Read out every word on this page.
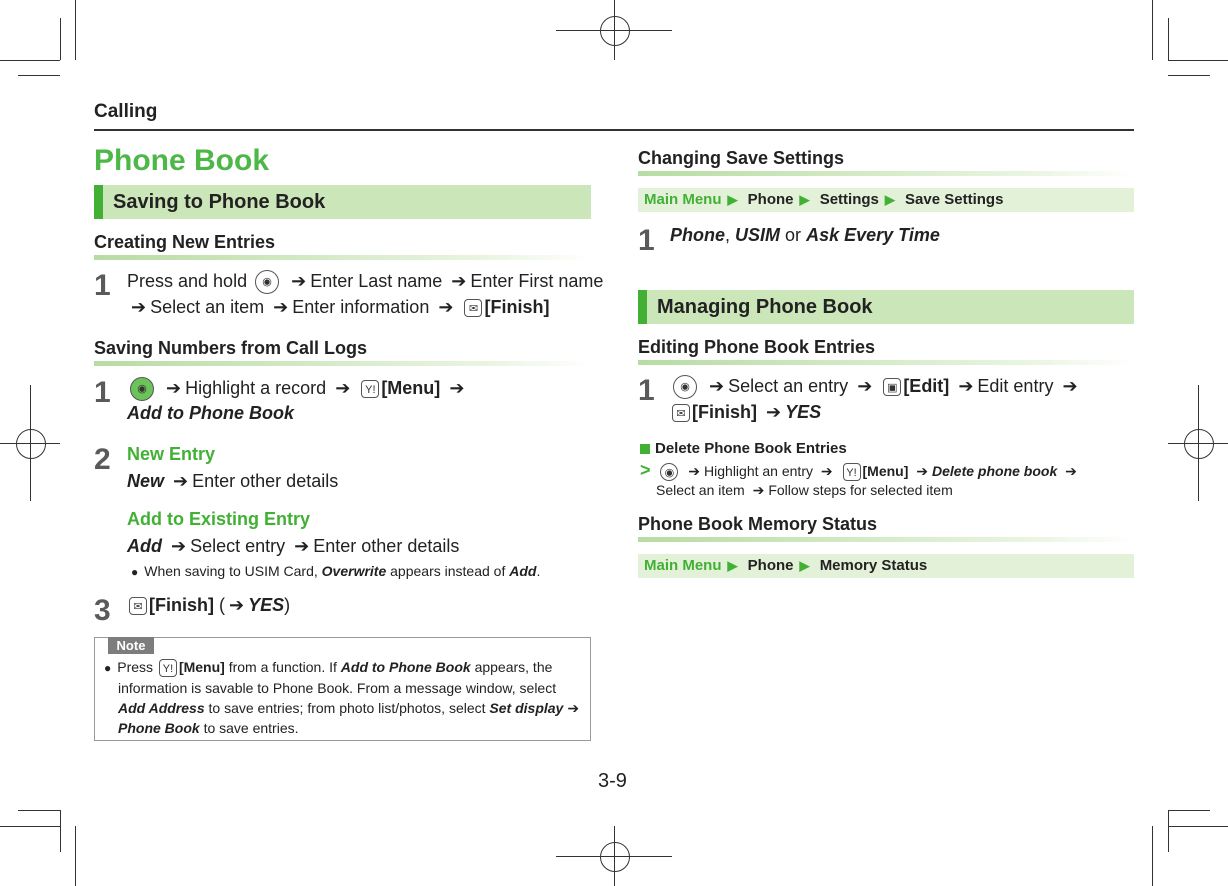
Calling
Phone Book
Saving to Phone Book
Creating New Entries
1 Press and hold ◉ ➔ Enter Last name ➔ Enter First name
➔ Select an item ➔ Enter information ➔ ✉ [Finish]
Saving Numbers from Call Logs
1	◉ ➔ Highlight a record ➔ Y! [Menu] ➔
Add to Phone Book
2 New Entry
New ➔ Enter other details
Add to Existing Entry
Add ➔ Select entry ➔ Enter other details
● When saving to USIM Card, Overwrite appears instead of Add.
3	✉ [Finish] ( ➔ YES)
Note
● Press Y! [Menu] from a function. If Add to Phone Book appears, the
information is savable to Phone Book. From a message window, select
Add Address to save entries; from photo list/photos, select Set display ➔
Phone Book to save entries.
Changing Save Settings
Main Menu ▶ Phone ▶ Settings ▶ Save Settings
1 Phone, USIM or Ask Every Time
Managing Phone Book
Editing Phone Book Entries
1	◉ ➔ Select an entry ➔ ▣ [Edit] ➔ Edit entry ➔
✉ [Finish] ➔ YES
Delete Phone Book Entries
> ◉ ➔ Highlight an entry ➔ Y! [Menu] ➔ Delete phone book ➔
Select an item ➔ Follow steps for selected item
Phone Book Memory Status
Main Menu ▶ Phone ▶ Memory Status
3-9
